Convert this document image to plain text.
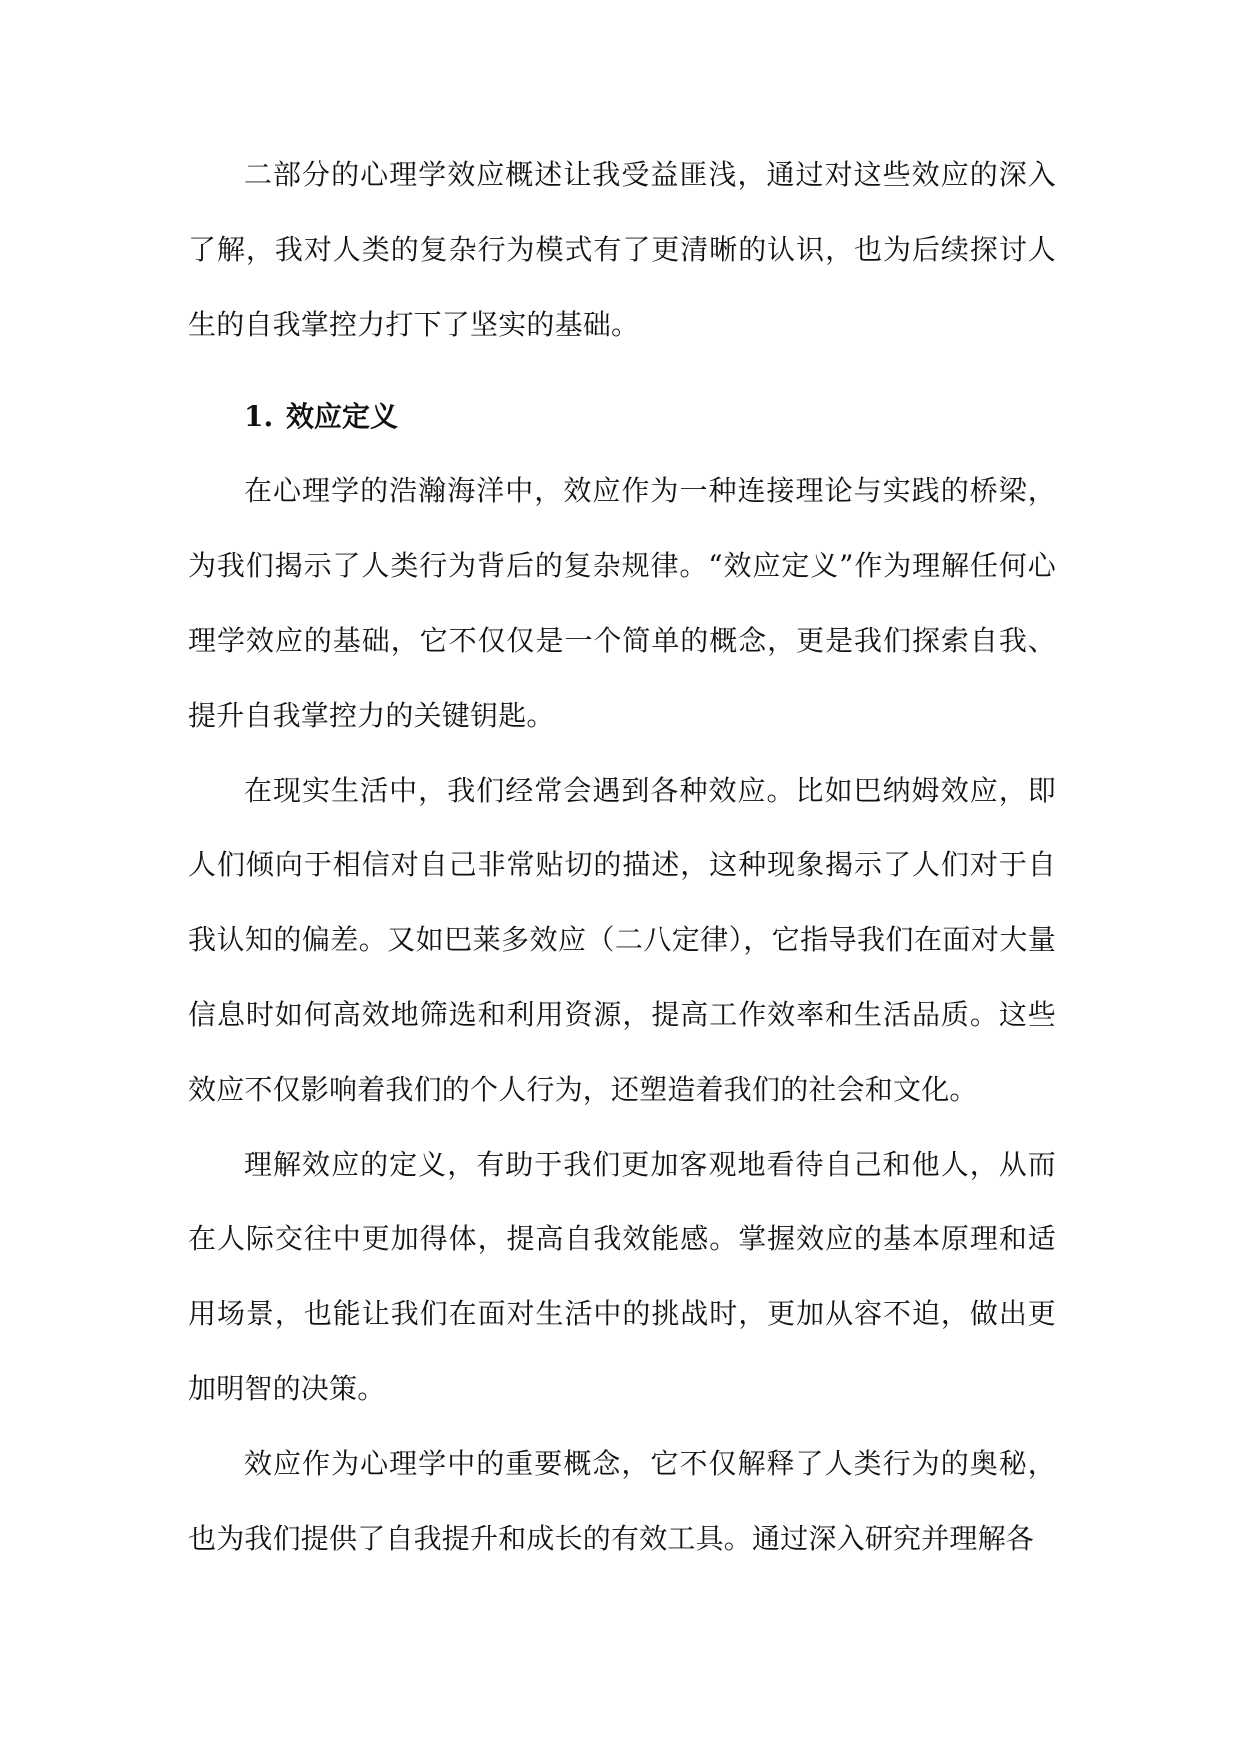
二部分的心理学效应概述让我受益匪浅，通过对这些效应的深入了解，我对人类的复杂行为模式有了更清晰的认识，也为后续探讨人生的自我掌控力打下了坚实的基础。

1. 效应定义

在心理学的浩瀚海洋中，效应作为一种连接理论与实践的桥梁，为我们揭示了人类行为背后的复杂规律。“效应定义”作为理解任何心理学效应的基础，它不仅仅是一个简单的概念，更是我们探索自我、提升自我掌控力的关键钥匙。

在现实生活中，我们经常会遇到各种效应。比如巴纳姆效应，即人们倾向于相信对自己非常贴切的描述，这种现象揭示了人们对于自我认知的偏差。又如巴莱多效应（二八定律），它指导我们在面对大量信息时如何高效地筛选和利用资源，提高工作效率和生活品质。这些效应不仅影响着我们的个人行为，还塑造着我们的社会和文化。

理解效应的定义，有助于我们更加客观地看待自己和他人，从而在人际交往中更加得体，提高自我效能感。掌握效应的基本原理和适用场景，也能让我们在面对生活中的挑战时，更加从容不迫，做出更加明智的决策。

效应作为心理学中的重要概念，它不仅解释了人类行为的奥秘，也为我们提供了自我提升和成长的有效工具。通过深入研究并理解各
